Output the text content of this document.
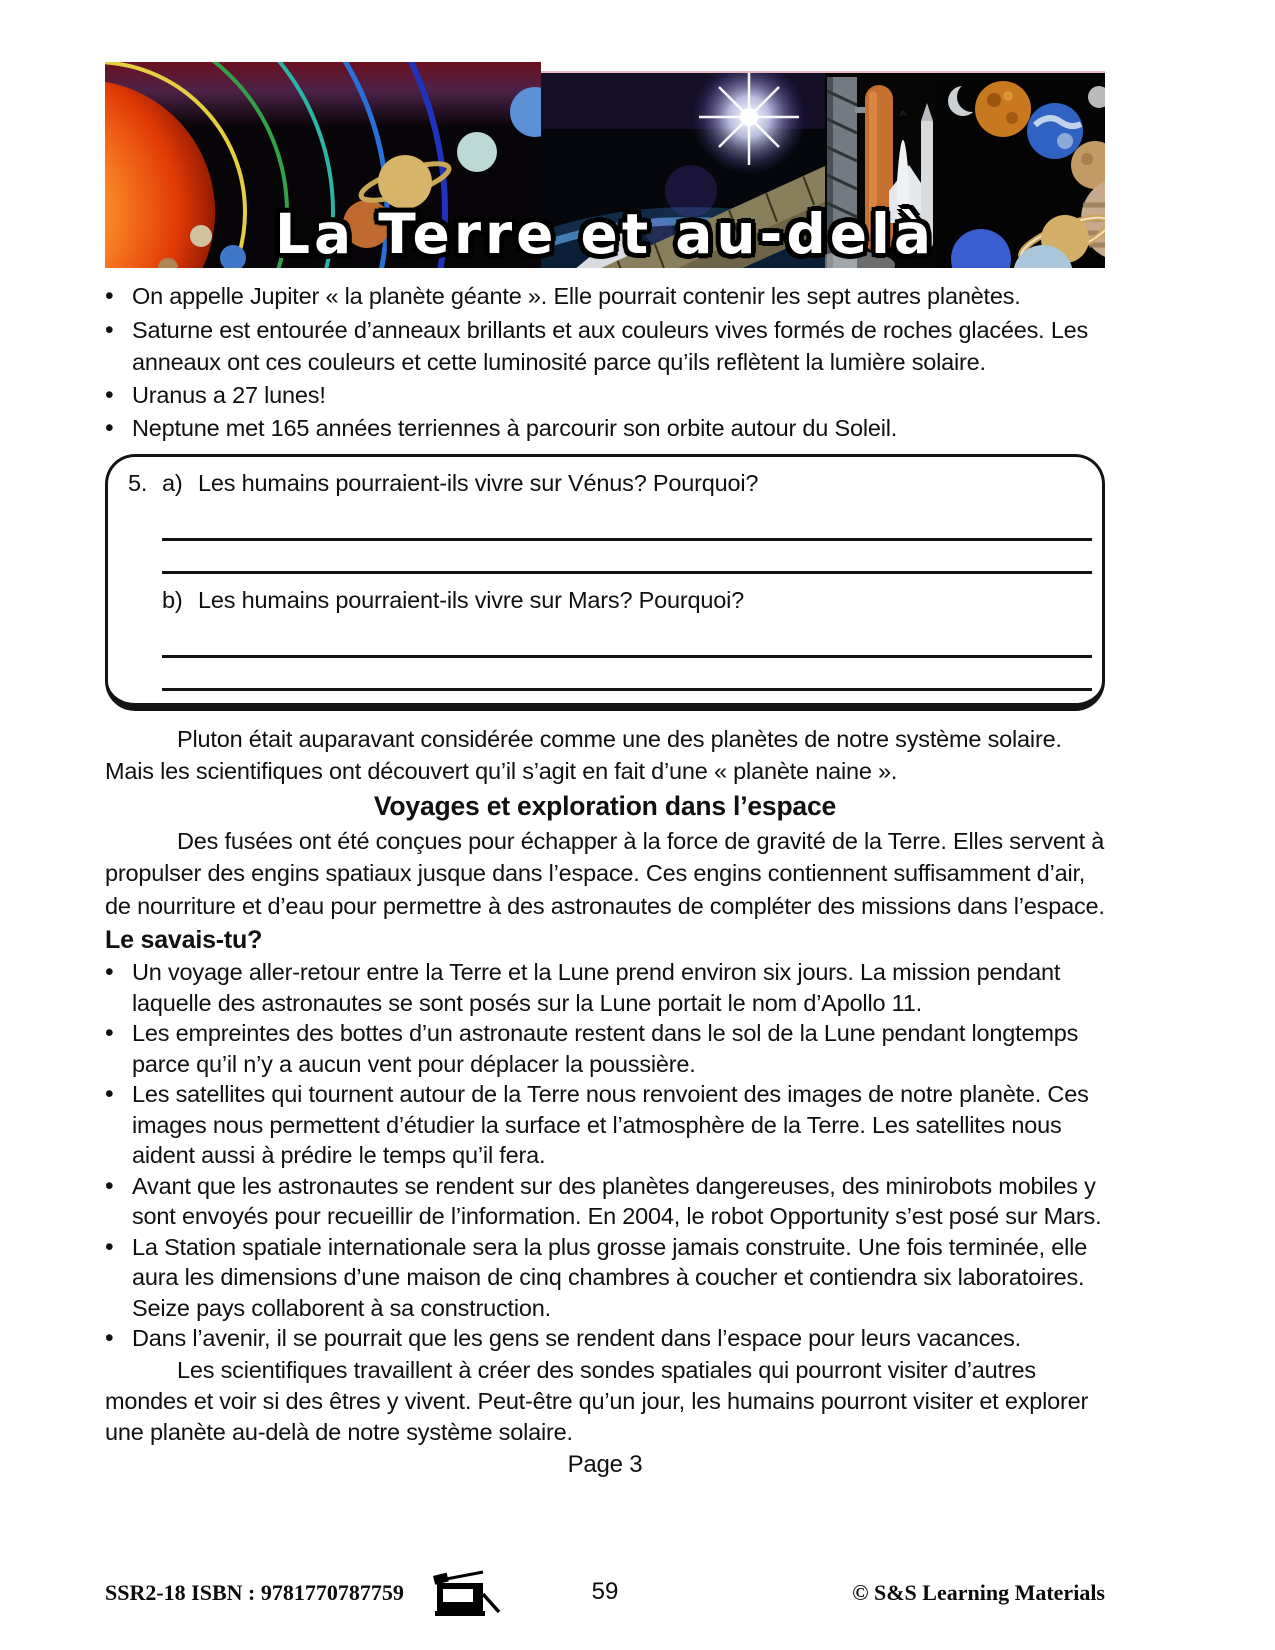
La Terre et au-delà
•
On appelle Jupiter « la planète géante ». Elle pourrait contenir les sept autres planètes.
•
Saturne est entourée d’anneaux brillants et aux couleurs vives formés de roches glacées. Les anneaux ont ces couleurs et cette luminosité parce qu’ils reflètent la lumière solaire.
•
Uranus a 27 lunes!
•
Neptune met 165 années terriennes à parcourir son orbite autour du Soleil.
5. a) Les humains pourraient-ils vivre sur Vénus? Pourquoi?
b) Les humains pourraient-ils vivre sur Mars? Pourquoi?

Pluton était auparavant considérée comme une des planètes de notre système solaire. Mais les scientifiques ont découvert qu’il s’agit en fait d’une « planète naine ».

Voyages et exploration dans l’espace

Des fusées ont été conçues pour échapper à la force de gravité de la Terre. Elles servent à propulser des engins spatiaux jusque dans l’espace. Ces engins contiennent suffisamment d’air, de nourriture et d’eau pour permettre à des astronautes de compléter des missions dans l’espace.

Le savais-tu?
•
Un voyage aller-retour entre la Terre et la Lune prend environ six jours. La mission pendant laquelle des astronautes se sont posés sur la Lune portait le nom d’Apollo 11.
•
Les empreintes des bottes d’un astronaute restent dans le sol de la Lune pendant longtemps parce qu’il n’y a aucun vent pour déplacer la poussière.
•
Les satellites qui tournent autour de la Terre nous renvoient des images de notre planète. Ces images nous permettent d’étudier la surface et l’atmosphère de la Terre. Les satellites nous aident aussi à prédire le temps qu’il fera.
•
Avant que les astronautes se rendent sur des planètes dangereuses, des minirobots mobiles y sont envoyés pour recueillir de l’information. En 2004, le robot Opportunity s’est posé sur Mars.
•
La Station spatiale internationale sera la plus grosse jamais construite. Une fois terminée, elle aura les dimensions d’une maison de cinq chambres à coucher et contiendra six laboratoires. Seize pays collaborent à sa construction.
•
Dans l’avenir, il se pourrait que les gens se rendent dans l’espace pour leurs vacances.

Les scientifiques travaillent à créer des sondes spatiales qui pourront visiter d’autres mondes et voir si des êtres y vivent. Peut-être qu’un jour, les humains pourront visiter et explorer une planète au-delà de notre système solaire.

Page 3
SSR2-18 ISBN : 9781770787759	59	© S&S Learning Materials
